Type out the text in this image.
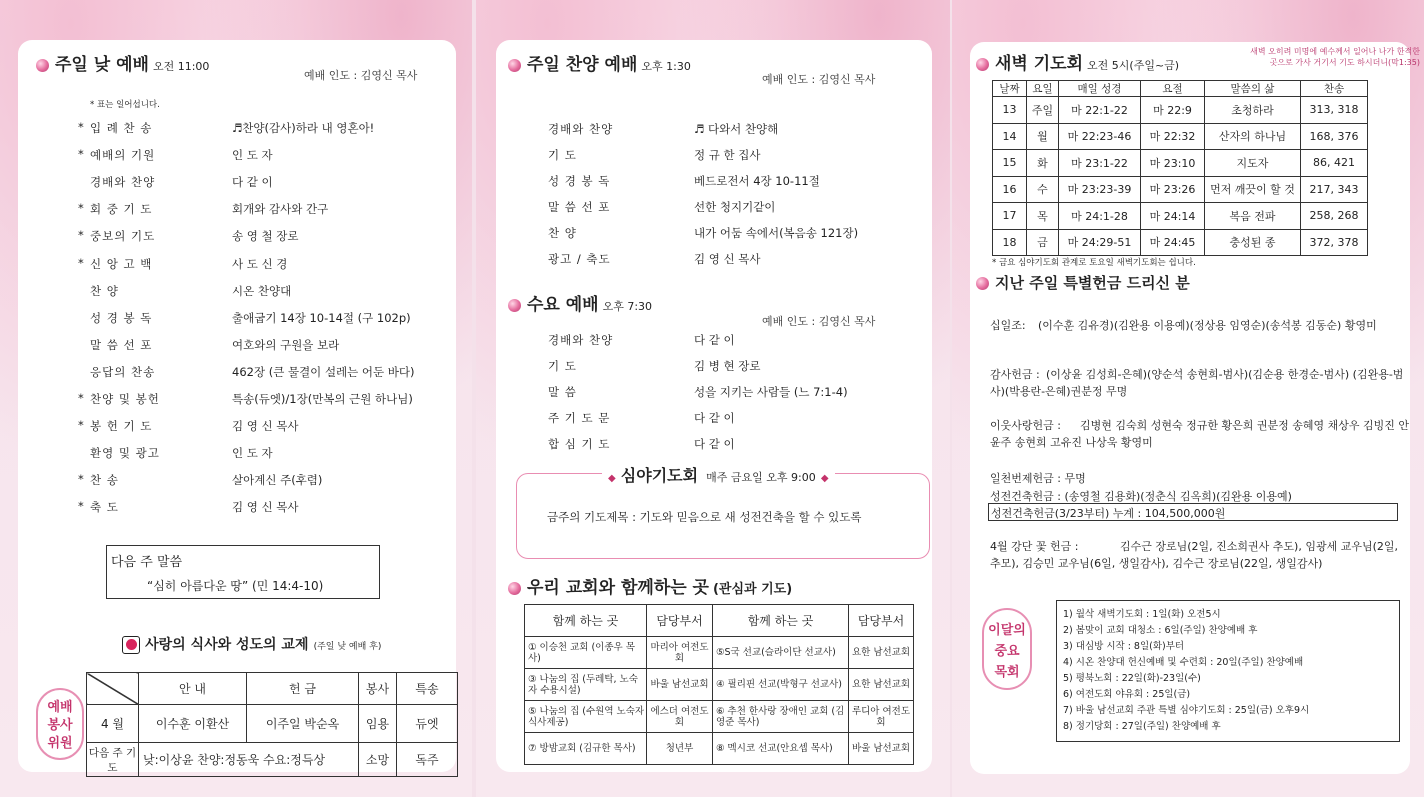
주일 낮 예배 오전 11:00
예배 인도 : 김영신 목사
* 표는 일어섭니다.
* 입 례 찬 송	♬찬양(감사)하라 내 영혼아!
* 예배의 기원	인 도 자
경배와 찬양	다 같 이
* 회 중 기 도	회개와 감사와 간구
* 중보의 기도	송 영 철 장로
* 신 앙 고 백	사 도 신 경
찬 양	시온 찬양대
성 경 봉 독	출애굽기 14장 10-14절 (구 102p)
말 씀 선 포	여호와의 구원을 보라
응답의 찬송	462장 (큰 물결이 설레는 어둔 바다)
* 찬양 및 봉헌	특송(듀엣)/1장(만복의 근원 하나님)
* 봉 헌 기 도	김 영 신 목사
환영 및 광고	인 도 자
* 찬 송	살아계신 주(후렴)
* 축 도	김 영 신 목사
다음 주 말씀
“심히 아름다운 땅” (민 14:4-10)
사랑의 식사와 성도의 교제 (주일 낮 예배 후)
예배 봉사 위원
	안 내	헌 금	봉사	특송
4 월	이수훈 이환산	이주일 박순옥	임용	듀엣
다음 주 기 도	낮:이상윤 찬양:정동욱 수요:정득상		소망	독주
주일 찬양 예배 오후 1:30
예배 인도 : 김영신 목사
경배와 찬양	♬ 다와서 찬양해
기 도	정 규 한 집사
성 경 봉 독	베드로전서 4장 10-11절
말 씀 선 포	선한 청지기같이
찬 양	내가 어둠 속에서(복음송 121장)
광고 / 축도	김 영 신 목사
수요 예배 오후 7:30
예배 인도 : 김영신 목사
경배와 찬양	다 같 이
기 도	김 병 현 장로
말 씀	성을 지키는 사람들 (느 7:1-4)
주 기 도 문	다 같 이
합 심 기 도	다 같 이
금주의 기도제목 : 기도와 믿음으로 새 성전건축을 할 수 있도록
◆ 심야기도회 매주 금요일 오후 9:00 ◆
우리 교회와 함께하는 곳 (관심과 기도)
함께 하는 곳	담당부서	함께 하는 곳	담당부서
① 이승천 교회 (이종우 목사)	마리아 여전도회	⑤S국 선교(슬라이단 선교사)	요한 남선교회
③ 나눔의 집 (두레탁, 노숙자 수용시설)	바울 남선교회	④ 필리핀 선교(박형구 선교사)	요한 남선교회
⑤ 나눔의 집 (수원역 노숙자 식사제공)	에스더 여전도회	⑥ 추천 한사랑 장애인 교회 (김영준 목사)	루디아 여전도회
⑦ 방밤교회 (김규한 목사)	청년부	⑧ 멕시코 선교(안요셉 목사)	바울 남선교회
새벽 기도회 오전 5시(주일~금)
새벽 오히려 미명에 예수께서 일어나 나가 한적한 곳으로 가사 거기서 기도 하시더니(막1:35)
날짜	요일	매일 성경	요절	말씀의 삶	찬송
13	주일	마 22:1-22	마 22:9	초청하라	313, 318
14	월	마 22:23-46	마 22:32	산자의 하나님	168, 376
15	화	마 23:1-22	마 23:10	지도자	86, 421
16	수	마 23:23-39	마 23:26	먼저 깨끗이 할 것	217, 343
17	목	마 24:1-28	마 24:14	복음 전파	258, 268
18	금	마 24:29-51	마 24:45	충성된 종	372, 378
* 금요 심야기도회 관계로 토요일 새벽기도회는 쉽니다.
지난 주일 특별헌금 드리신 분
십일조: (이수훈 김유경)(김완용 이용예)(정상용 임영순)(송석봉 김동순) 황영미
감사헌금 : (이상윤 김성희-은혜)(양순석 송현희-범사)(김순용 한경순-범사) (김완용-범사)(박용란-은혜)권분정 무명
이웃사랑헌금 : 김병현 김숙희 성현숙 정규한 황은희 권분정 송혜영 채상우 김빙진 안윤주 송현희 고유진 나상욱 황영미
일천번제헌금 : 무명
성전건축헌금 : (송영철 김용화)(정춘식 김옥희)(김완용 이용예)
성전건축헌금(3/23부터) 누계 : 104,500,000원
4월 강단 꽃 헌금 :	김수근 장로님(2일, 진소희권사 추도), 임광세 교우님(2일, 추모), 김승민 교우님(6일, 생일감사), 김수근 장로님(22일, 생일감사)
이달의 중요 목회
1) 월삭 새벽기도회 : 1일(화) 오전5시
2) 봄맞이 교회 대청소 : 6일(주일) 찬양예배 후
3) 대심방 시작 : 8일(화)부터
4) 시온 찬양대 헌신예배 및 수련회 : 20일(주일) 찬양예배
5) 평북노회 : 22일(화)-23일(수)
6) 여전도회 야유회 : 25일(금)
7) 바울 남선교회 주관 특별 심야기도회 : 25일(금) 오후9시
8) 정기당회 : 27일(주일) 찬양예배 후
